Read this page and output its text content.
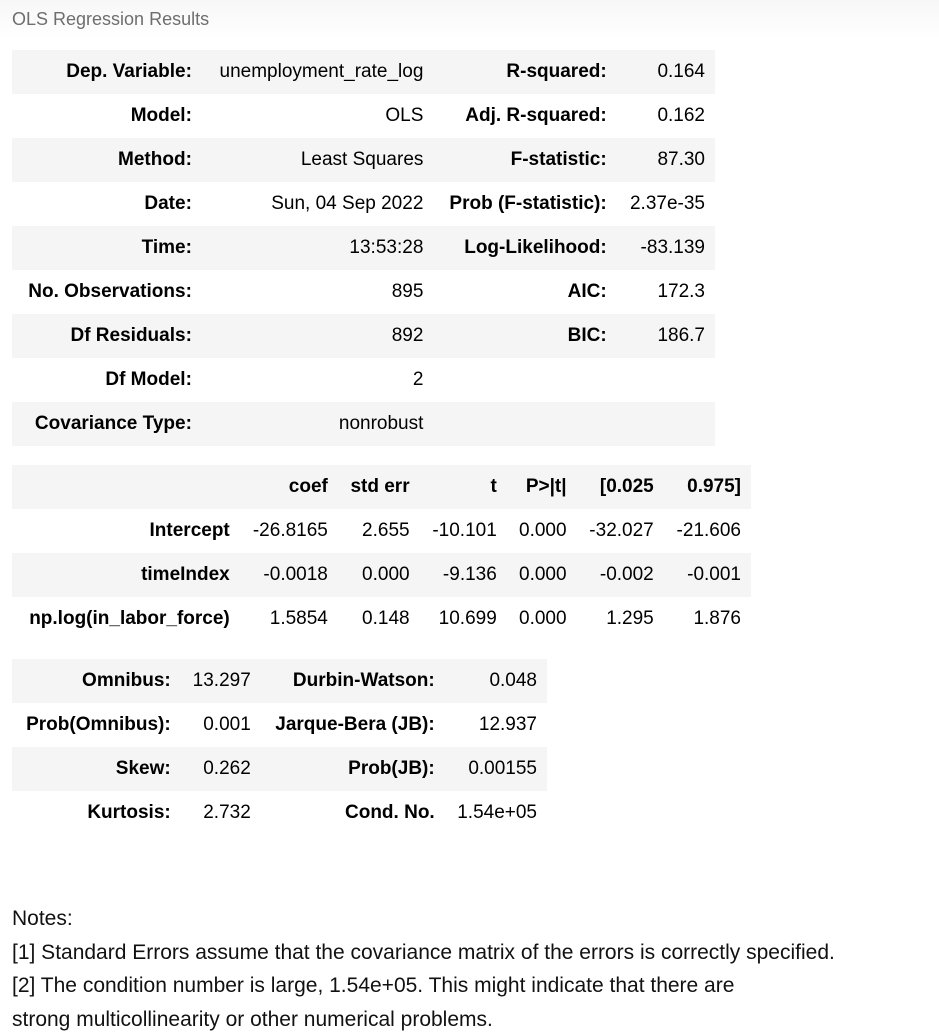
OLS Regression Results
Dep. Variable:	unemployment_rate_log	R-squared:	0.164
Model:	OLS	Adj. R-squared:	0.162
Method:	Least Squares	F-statistic:	87.30
Date:	Sun, 04 Sep 2022	Prob (F-statistic):	2.37e-35
Time:	13:53:28	Log-Likelihood:	-83.139
No. Observations:	895	AIC:	172.3
Df Residuals:	892	BIC:	186.7
Df Model:	2		
Covariance Type:	nonrobust		
	coef	std err	t	P>|t|	[0.025	0.975]
Intercept	-26.8165	2.655	-10.101	0.000	-32.027	-21.606
timeIndex	-0.0018	0.000	-9.136	0.000	-0.002	-0.001
np.log(in_labor_force)	1.5854	0.148	10.699	0.000	1.295	1.876
Omnibus:	13.297	Durbin-Watson:	0.048
Prob(Omnibus):	0.001	Jarque-Bera (JB):	12.937
Skew:	0.262	Prob(JB):	0.00155
Kurtosis:	2.732	Cond. No.	1.54e+05
Notes:
[1] Standard Errors assume that the covariance matrix of the errors is correctly specified.
[2] The condition number is large, 1.54e+05. This might indicate that there are
strong multicollinearity or other numerical problems.
